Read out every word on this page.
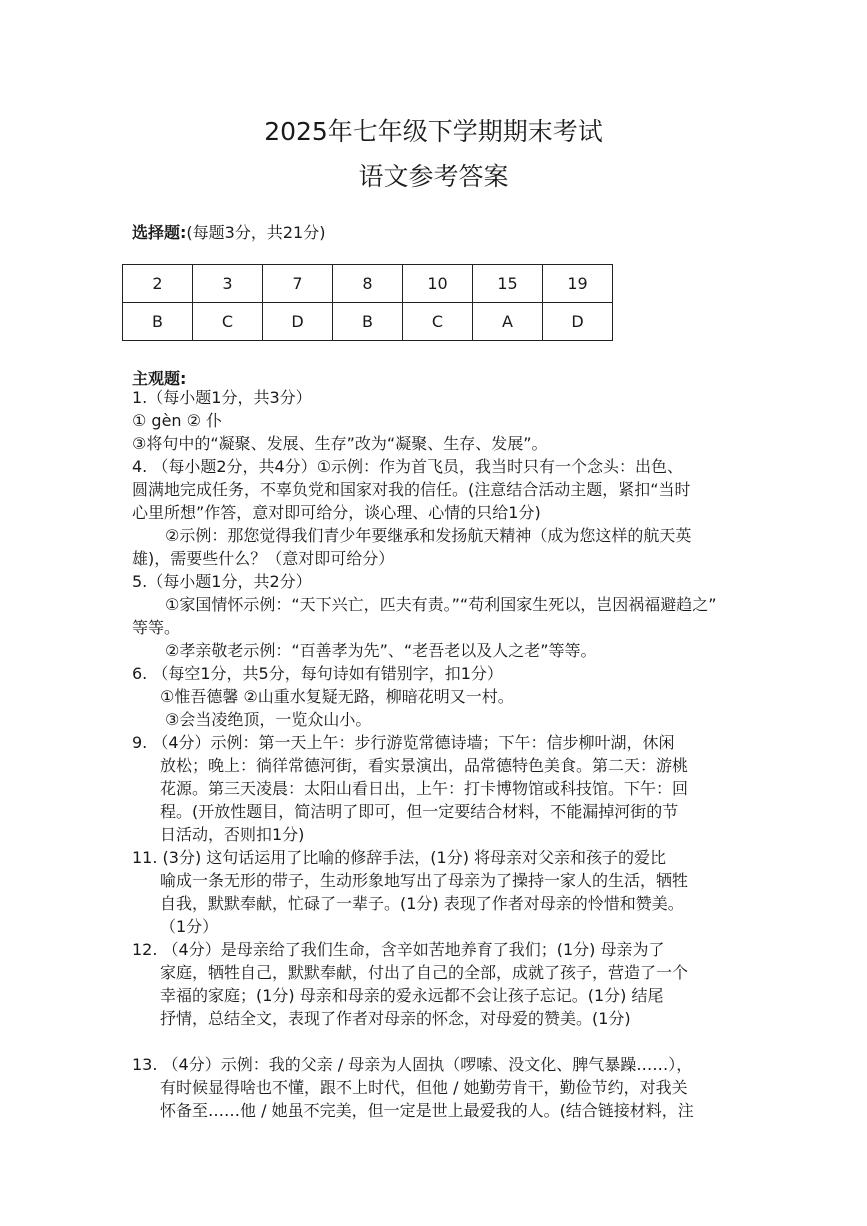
2025年七年级下学期期末考试
语文参考答案
选择题:(每题3分，共21分)
2	3	7	8	10	15	19
B	C	D	B	C	A	D
主观题:
1.（每小题1分，共3分）
① gèn ② 仆
③将句中的“凝聚、发展、生存”改为“凝聚、生存、发展”。
4. （每小题2分，共4分）①示例：作为首飞员，我当时只有一个念头：出色、
圆满地完成任务，不辜负党和国家对我的信任。(注意结合活动主题，紧扣“当时
心里所想”作答，意对即可给分，谈心理、心情的只给1分)
②示例：那您觉得我们青少年要继承和发扬航天精神（成为您这样的航天英
雄)，需要些什么？（意对即可给分）
5.（每小题1分，共2分）
①家国情怀示例：“天下兴亡，匹夫有责。”“苟利国家生死以，岂因祸福避趋之”
等等。
②孝亲敬老示例：“百善孝为先”、“老吾老以及人之老”等等。
6. （每空1分，共5分，每句诗如有错别字，扣1分）
①惟吾德馨 ②山重水复疑无路，柳暗花明又一村。
③会当凌绝顶，一览众山小。
9. （4分）示例：第一天上午：步行游览常德诗墙；下午：信步柳叶湖，休闲
放松；晚上：徜徉常德河街，看实景演出，品常德特色美食。第二天：游桃
花源。第三天凌晨：太阳山看日出，上午：打卡博物馆或科技馆。下午：回
程。(开放性题目，简洁明了即可，但一定要结合材料，不能漏掉河街的节
日活动，否则扣1分)
11. (3分) 这句话运用了比喻的修辞手法，(1分) 将母亲对父亲和孩子的爱比
喻成一条无形的带子，生动形象地写出了母亲为了操持一家人的生活，牺牲
自我，默默奉献，忙碌了一辈子。(1分) 表现了作者对母亲的怜惜和赞美。
（1分）
12. （4分）是母亲给了我们生命，含辛如苦地养育了我们；(1分) 母亲为了
家庭，牺牲自己，默默奉献，付出了自己的全部，成就了孩子，营造了一个
幸福的家庭；(1分) 母亲和母亲的爱永远都不会让孩子忘记。(1分) 结尾
抒情，总结全文，表现了作者对母亲的怀念，对母爱的赞美。(1分)
13. （4分）示例：我的父亲 / 母亲为人固执（啰嗦、没文化、脾气暴躁……），
有时候显得啥也不懂，跟不上时代，但他 / 她勤劳肯干，勤俭节约，对我关
怀备至……他 / 她虽不完美，但一定是世上最爱我的人。(结合链接材料，注
